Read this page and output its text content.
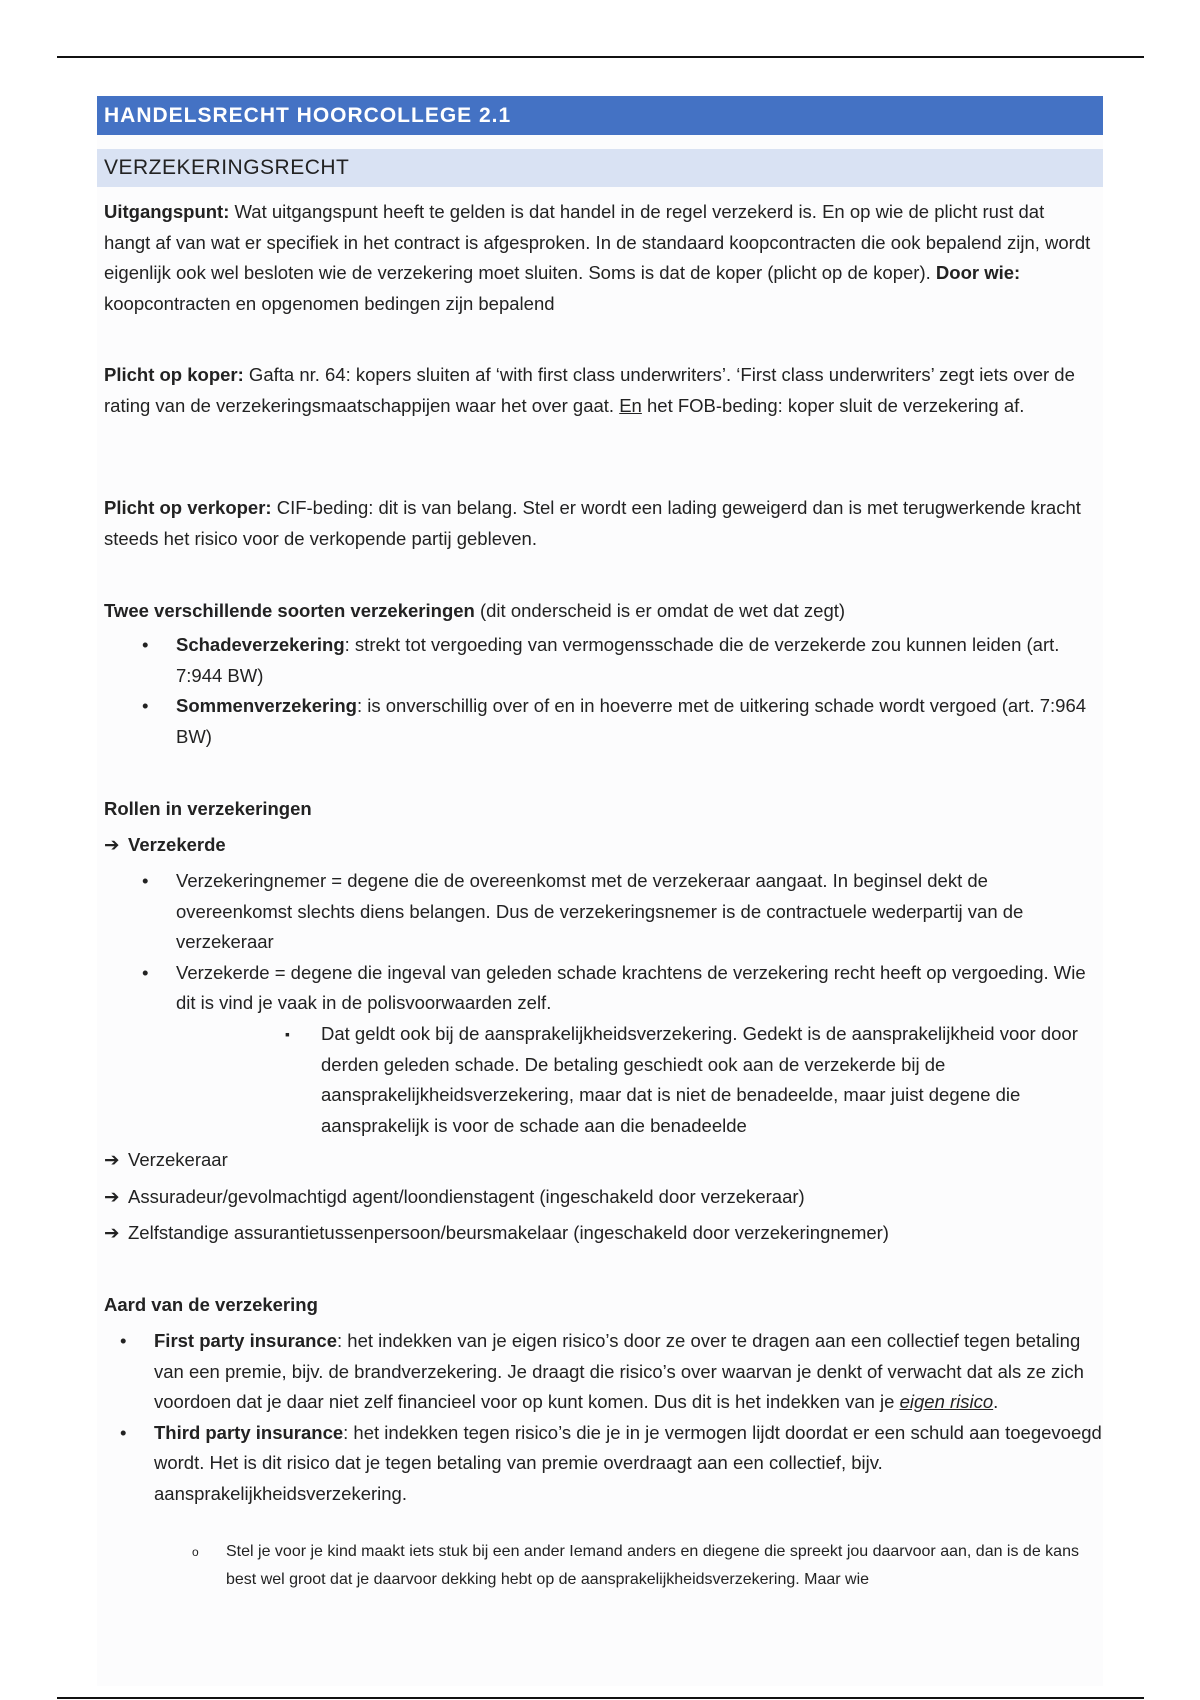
HANDELSRECHT HOORCOLLEGE 2.1
VERZEKERINGSRECHT
Uitgangspunt: Wat uitgangspunt heeft te gelden is dat handel in de regel verzekerd is. En op wie de plicht rust dat hangt af van wat er specifiek in het contract is afgesproken. In de standaard koopcontracten die ook bepalend zijn, wordt eigenlijk ook wel besloten wie de verzekering moet sluiten. Soms is dat de koper (plicht op de koper). Door wie: koopcontracten en opgenomen bedingen zijn bepalend
Plicht op koper: Gafta nr. 64: kopers sluiten af ‘with first class underwriters’. ‘First class underwriters’ zegt iets over de rating van de verzekeringsmaatschappijen waar het over gaat. En het FOB-beding: koper sluit de verzekering af.
Plicht op verkoper: CIF-beding: dit is van belang. Stel er wordt een lading geweigerd dan is met terugwerkende kracht steeds het risico voor de verkopende partij gebleven.
Twee verschillende soorten verzekeringen (dit onderscheid is er omdat de wet dat zegt)
• Schadeverzekering: strekt tot vergoeding van vermogensschade die de verzekerde zou kunnen leiden (art. 7:944 BW)
• Sommenverzekering: is onverschillig over of en in hoeverre met de uitkering schade wordt vergoed (art. 7:964 BW)
Rollen in verzekeringen
➔ Verzekerde
• Verzekeringnemer = degene die de overeenkomst met de verzekeraar aangaat. In beginsel dekt de overeenkomst slechts diens belangen. Dus de verzekeringsnemer is de contractuele wederpartij van de verzekeraar
• Verzekerde = degene die ingeval van geleden schade krachtens de verzekering recht heeft op vergoeding. Wie dit is vind je vaak in de polisvoorwaarden zelf.
▪ Dat geldt ook bij de aansprakelijkheidsverzekering. Gedekt is de aansprakelijkheid voor door derden geleden schade. De betaling geschiedt ook aan de verzekerde bij de aansprakelijkheidsverzekering, maar dat is niet de benadeelde, maar juist degene die aansprakelijk is voor de schade aan die benadeelde
➔ Verzekeraar
➔ Assuradeur/gevolmachtigd agent/loondienstagent (ingeschakeld door verzekeraar)
➔ Zelfstandige assurantietussenpersoon/beursmakelaar (ingeschakeld door verzekeringnemer)
Aard van de verzekering
• First party insurance: het indekken van je eigen risico’s door ze over te dragen aan een collectief tegen betaling van een premie, bijv. de brandverzekering. Je draagt die risico’s over waarvan je denkt of verwacht dat als ze zich voordoen dat je daar niet zelf financieel voor op kunt komen. Dus dit is het indekken van je eigen risico.
• Third party insurance: het indekken tegen risico’s die je in je vermogen lijdt doordat er een schuld aan toegevoegd wordt. Het is dit risico dat je tegen betaling van premie overdraagt aan een collectief, bijv. aansprakelijkheidsverzekering.
o Stel je voor je kind maakt iets stuk bij een ander Iemand anders en diegene die spreekt jou daarvoor aan, dan is de kans best wel groot dat je daarvoor dekking hebt op de aansprakelijkheidsverzekering. Maar wie
